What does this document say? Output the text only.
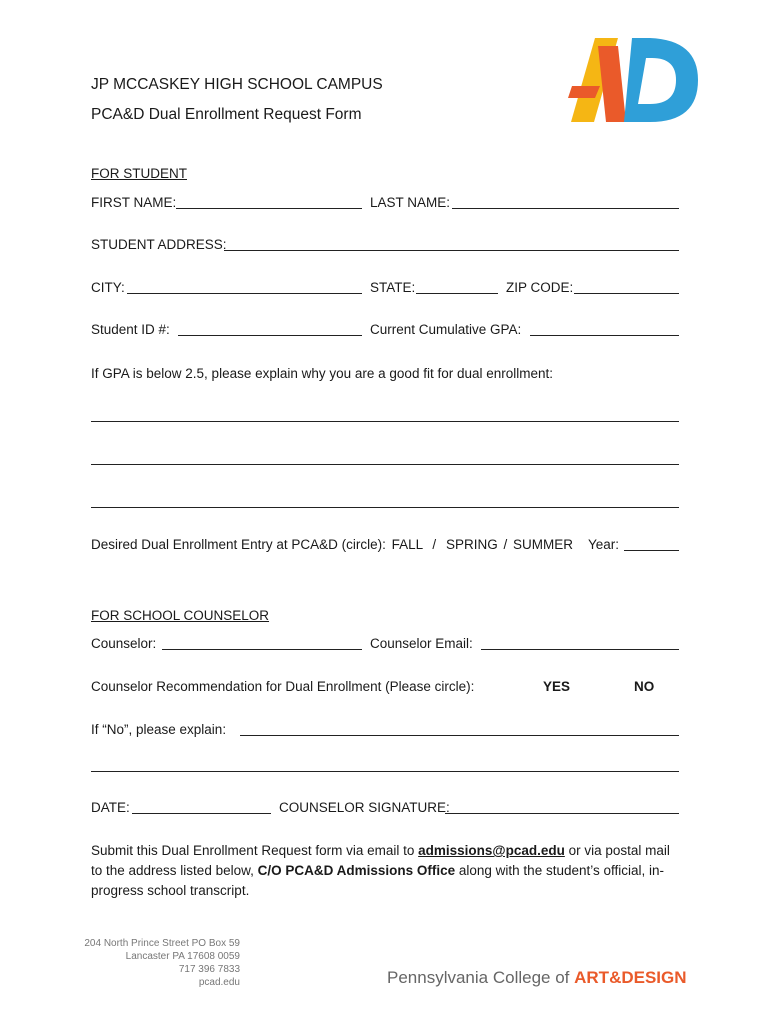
JP MCCASKEY HIGH SCHOOL CAMPUS
PCA&D Dual Enrollment Request Form
FOR STUDENT
FIRST NAME:	LAST NAME:
STUDENT ADDRESS:
CITY:	STATE:	ZIP CODE:
Student ID #:	Current Cumulative GPA:
If GPA is below 2.5, please explain why you are a good fit for dual enrollment:
Desired Dual Enrollment Entry at PCA&D (circle): FALL / SPRING / SUMMER Year:
FOR SCHOOL COUNSELOR
Counselor:	Counselor Email:
Counselor Recommendation for Dual Enrollment (Please circle):	YES	NO
If “No”, please explain:
DATE:	COUNSELOR SIGNATURE:
Submit this Dual Enrollment Request form via email to admissions@pcad.edu or via postal mail to the address listed below, C/O PCA&D Admissions Office along with the student’s official, in-progress school transcript.
204 North Prince Street PO Box 59
Lancaster PA 17608 0059
717 396 7833
pcad.edu	Pennsylvania College of ART&DESIGN
